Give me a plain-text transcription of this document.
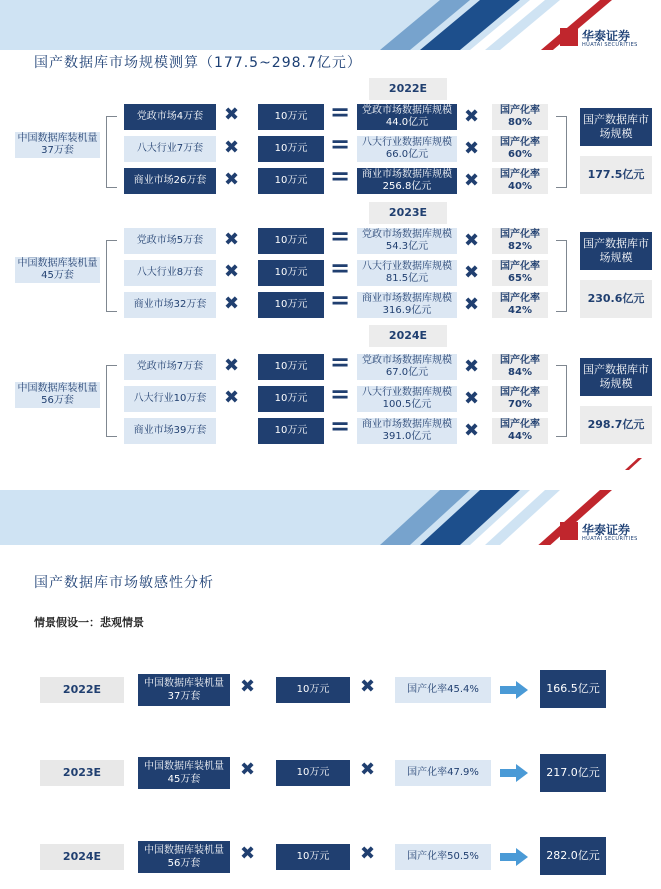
华泰证券
HUATAI SECURITIES
国产数据库市场规模测算（177.5~298.7亿元）
2022E
中国数据库装机量37万套
党政市场4万套	✖	10万元 =	党政市场数据库规模44.0亿元	✖	国产化率80%
八大行业7万套	✖	10万元 =	八大行业数据库规模66.0亿元	✖	国产化率60%
商业市场26万套 ✖	10万元 =	商业市场数据库规模256.8亿元	✖	国产化率40%
国产数据库市场规模
177.5亿元
2023E
中国数据库装机量45万套
党政市场5万套	✖	10万元 =	党政市场数据库规模54.3亿元	✖	国产化率82%
八大行业8万套	✖	10万元 =	八大行业数据库规模81.5亿元	✖	国产化率65%
商业市场32万套 ✖	10万元 =	商业市场数据库规模316.9亿元	✖	国产化率42%
国产数据库市场规模
230.6亿元
2024E
中国数据库装机量56万套
党政市场7万套	✖	10万元 =	党政市场数据库规模67.0亿元	✖	国产化率84%
八大行业10万套 ✖	10万元 =	八大行业数据库规模100.5亿元	✖	国产化率70%
商业市场39万套	10万元 =	商业市场数据库规模391.0亿元	✖	国产化率44%
国产数据库市场规模
298.7亿元
华泰证券
HUATAI SECURITIES
国产数据库市场敏感性分析
情景假设一：悲观情景
2022E	中国数据库装机量37万套	✖	10万元	✖	国产化率45.4%	166.5亿元
2023E	中国数据库装机量45万套	✖	10万元	✖	国产化率47.9%	217.0亿元
2024E	中国数据库装机量56万套	✖	10万元	✖	国产化率50.5%	282.0亿元
